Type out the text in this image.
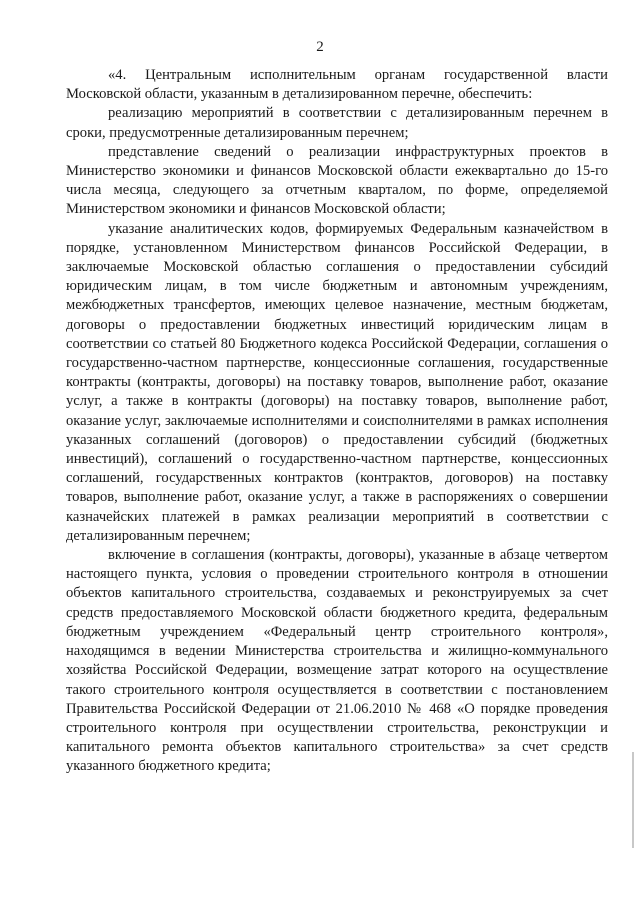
2

«4. Центральным исполнительным органам государственной власти Московской области, указанным в детализированном перечне, обеспечить:

реализацию мероприятий в соответствии с детализированным перечнем в сроки, предусмотренные детализированным перечнем;

представление сведений о реализации инфраструктурных проектов в Министерство экономики и финансов Московской области ежеквартально до 15-го числа месяца, следующего за отчетным кварталом, по форме, определяемой Министерством экономики и финансов Московской области;

указание аналитических кодов, формируемых Федеральным казначейством в порядке, установленном Министерством финансов Российской Федерации, в заключаемые Московской областью соглашения о предоставлении субсидий юридическим лицам, в том числе бюджетным и автономным учреждениям, межбюджетных трансфертов, имеющих целевое назначение, местным бюджетам, договоры о предоставлении бюджетных инвестиций юридическим лицам в соответствии со статьей 80 Бюджетного кодекса Российской Федерации, соглашения о государственно-частном партнерстве, концессионные соглашения, государственные контракты (контракты, договоры) на поставку товаров, выполнение работ, оказание услуг, а также в контракты (договоры) на поставку товаров, выполнение работ, оказание услуг, заключаемые исполнителями и соисполнителями в рамках исполнения указанных соглашений (договоров) о предоставлении субсидий (бюджетных инвестиций), соглашений о государственно-частном партнерстве, концессионных соглашений, государственных контрактов (контрактов, договоров) на поставку товаров, выполнение работ, оказание услуг, а также в распоряжениях о совершении казначейских платежей в рамках реализации мероприятий в соответствии с детализированным перечнем;

включение в соглашения (контракты, договоры), указанные в абзаце четвертом настоящего пункта, условия о проведении строительного контроля в отношении объектов капитального строительства, создаваемых и реконструируемых за счет средств предоставляемого Московской области бюджетного кредита, федеральным бюджетным учреждением «Федеральный центр строительного контроля», находящимся в ведении Министерства строительства и жилищно-коммунального хозяйства Российской Федерации, возмещение затрат которого на осуществление такого строительного контроля осуществляется в соответствии с постановлением Правительства Российской Федерации от 21.06.2010 № 468 «О порядке проведения строительного контроля при осуществлении строительства, реконструкции и капитального ремонта объектов капитального строительства» за счет средств указанного бюджетного кредита;
